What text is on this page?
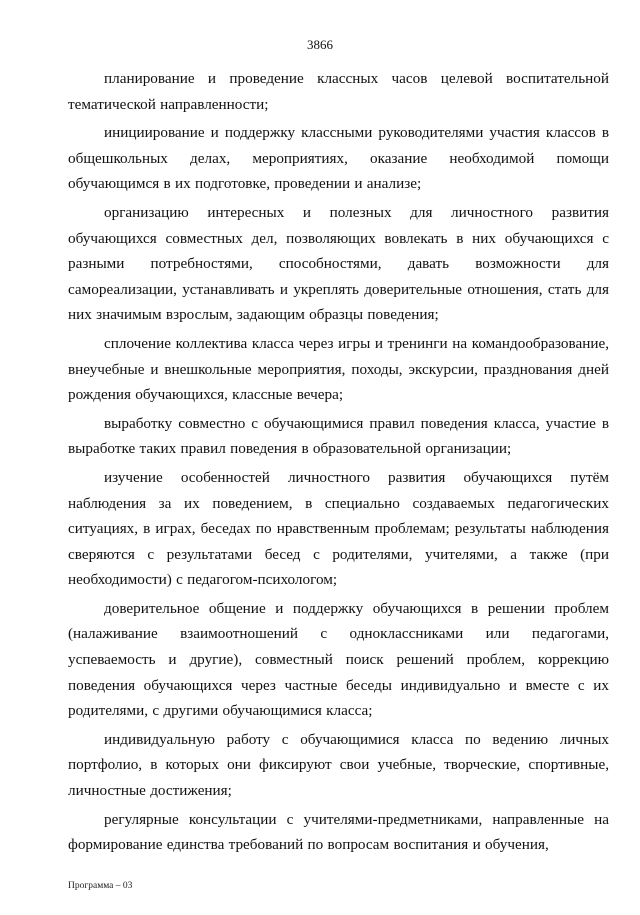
3866

планирование и проведение классных часов целевой воспитательной тематической направленности;

инициирование и поддержку классными руководителями участия классов в общешкольных делах, мероприятиях, оказание необходимой помощи обучающимся в их подготовке, проведении и анализе;

организацию интересных и полезных для личностного развития обучающихся совместных дел, позволяющих вовлекать в них обучающихся с разными потребностями, способностями, давать возможности для самореализации, устанавливать и укреплять доверительные отношения, стать для них значимым взрослым, задающим образцы поведения;

сплочение коллектива класса через игры и тренинги на командообразование, внеучебные и внешкольные мероприятия, походы, экскурсии, празднования дней рождения обучающихся, классные вечера;

выработку совместно с обучающимися правил поведения класса, участие в выработке таких правил поведения в образовательной организации;

изучение особенностей личностного развития обучающихся путём наблюдения за их поведением, в специально создаваемых педагогических ситуациях, в играх, беседах по нравственным проблемам; результаты наблюдения сверяются с результатами бесед с родителями, учителями, а также (при необходимости) с педагогом-психологом;

доверительное общение и поддержку обучающихся в решении проблем (налаживание взаимоотношений с одноклассниками или педагогами, успеваемость и другие), совместный поиск решений проблем, коррекцию поведения обучающихся через частные беседы индивидуально и вместе с их родителями, с другими обучающимися класса;

индивидуальную работу с обучающимися класса по ведению личных портфолио, в которых они фиксируют свои учебные, творческие, спортивные, личностные достижения;

регулярные консультации с учителями-предметниками, направленные на формирование единства требований по вопросам воспитания и обучения,

Программа – 03
